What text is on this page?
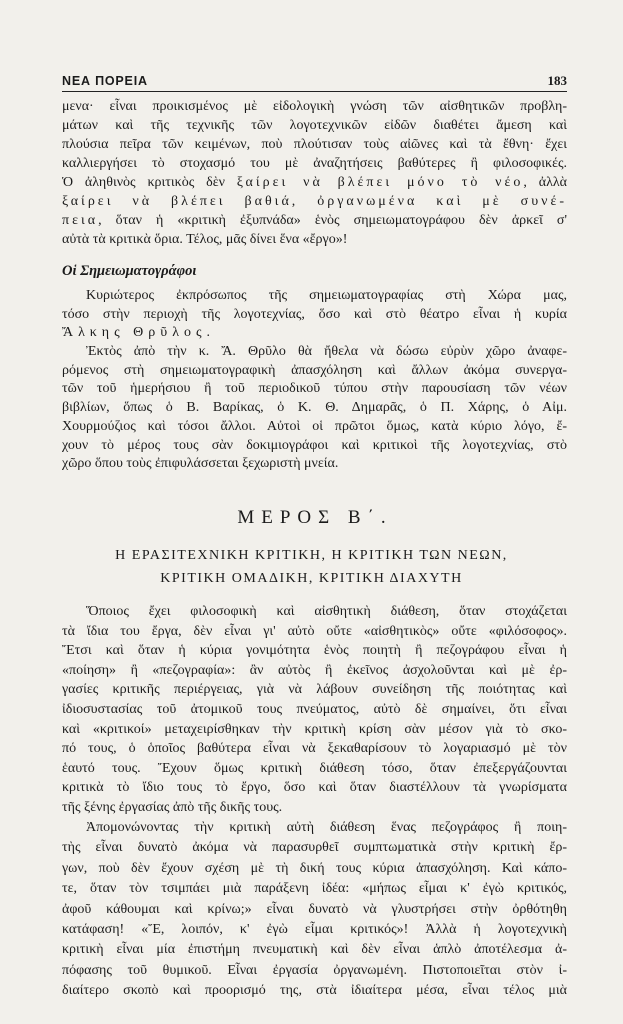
ΝΕΑ ΠΟΡΕΙΑ	183
μενα· εἶναι προικισμένος μὲ εἰδολογικὴ γνώση τῶν αἰσθητικῶν προβλη-
μάτων καὶ τῆς τεχνικῆς τῶν λογοτεχνικῶν εἰδῶν διαθέτει ἄμεση καὶ
πλούσια πεῖρα τῶν κειμένων, ποὺ πλούτισαν τοὺς αἰῶνες καὶ τὰ ἔθνη· ἔχει
καλλιεργήσει τὸ στοχασμό του μὲ ἀναζητήσεις βαθύτερες ἢ φιλοσοφικές.
Ὁ ἀληθινὸς κριτικὸς δὲν ξαίρει νὰ βλέπει μόνο τὸ νέο, ἀλλὰ
ξαίρει νὰ βλέπει βαθιά, ὀργανωμένα καὶ μὲ συνέ-
πεια, ὅταν ἡ «κριτικὴ ἐξυπνάδα» ἑνὸς σημειωματογράφου δὲν ἀρκεῖ σ'
αὐτὰ τὰ κριτικὰ ὅρια. Τέλος, μᾶς δίνει ἕνα «ἔργο»!
Οἱ Σημειωματογράφοι
Κυριώτερος ἐκπρόσωπος τῆς σημειωματογραφίας στὴ Χώρα μας,
τόσο στὴν περιοχὴ τῆς λογοτεχνίας, ὅσο καὶ στὸ θέατρο εἶναι ἡ κυρία
Ἄλκης Θρῦλος.
Ἐκτὸς ἀπὸ τὴν κ. Ἄ. Θρῦλο θὰ ἤθελα νὰ δώσω εὐρὺν χῶρο ἀναφε-
ρόμενος στὴ σημειωματογραφικὴ ἀπασχόληση καὶ ἄλλων ἀκόμα συνεργα-
τῶν τοῦ ἡμερήσιου ἢ τοῦ περιοδικοῦ τύπου στὴν παρουσίαση τῶν νέων
βιβλίων, ὅπως ὁ Β. Βαρίκας, ὁ Κ. Θ. Δημαρᾶς, ὁ Π. Χάρης, ὁ Αἰμ.
Χουρμούζιος καὶ τόσοι ἄλλοι. Αὐτοὶ οἱ πρῶτοι ὅμως, κατὰ κύριο λόγο, ἔ-
χουν τὸ μέρος τους σὰν δοκιμιογράφοι καὶ κριτικοὶ τῆς λογοτεχνίας, στὸ
χῶρο ὅπου τοὺς ἐπιφυλάσσεται ξεχωριστὴ μνεία.
ΜΕΡΟΣ Β΄.
Η ΕΡΑΣΙΤΕΧΝΙΚΗ ΚΡΙΤΙΚΗ, Η ΚΡΙΤΙΚΗ ΤΩΝ ΝΕΩΝ,
ΚΡΙΤΙΚΗ ΟΜΑΔΙΚΗ, ΚΡΙΤΙΚΗ ΔΙΑΧΥΤΗ
Ὅποιος ἔχει φιλοσοφικὴ καὶ αἰσθητικὴ διάθεση, ὅταν στοχάζεται
τὰ ἴδια του ἔργα, δὲν εἶναι γι' αὐτὸ οὔτε «αἰσθητικὸς» οὔτε «φιλόσοφος».
Ἔτσι καὶ ὅταν ἡ κύρια γονιμότητα ἑνὸς ποιητὴ ἢ πεζογράφου εἶναι ἡ
«ποίηση» ἢ «πεζογραφία»: ἂν αὐτὸς ἢ ἐκεῖνος ἀσχολοῦνται καὶ μὲ ἐρ-
γασίες κριτικῆς περιέργειας, γιὰ νὰ λάβουν συνείδηση τῆς ποιότητας καὶ
ἰδιοσυστασίας τοῦ ἀτομικοῦ τους πνεύματος, αὐτὸ δὲ σημαίνει, ὅτι εἶναι
καὶ «κριτικοί» μεταχειρίσθηκαν τὴν κριτικὴ κρίση σὰν μέσον γιὰ τὸ σκο-
πό τους, ὁ ὁποῖος βαθύτερα εἶναι νὰ ξεκαθαρίσουν τὸ λογαριασμό μὲ τὸν
ἑαυτό τους. Ἔχουν ὅμως κριτικὴ διάθεση τόσο, ὅταν ἐπεξεργάζουνται
κριτικὰ τὸ ἴδιο τους τὸ ἔργο, ὅσο καὶ ὅταν διαστέλλουν τὰ γνωρίσματα
τῆς ξένης ἐργασίας ἀπὸ τῆς δικῆς τους.
Ἀπομονώνοντας τὴν κριτικὴ αὐτὴ διάθεση ἕνας πεζογράφος ἢ ποιη-
τὴς εἶναι δυνατὸ ἀκόμα νὰ παρασυρθεῖ συμπτωματικὰ στὴν κριτικὴ ἔρ-
γων, ποὺ δὲν ἔχουν σχέση μὲ τὴ δική τους κύρια ἀπασχόληση. Καὶ κάπο-
τε, ὅταν τὸν τσιμπάει μιὰ παράξενη ἰδέα: «μήπως εἶμαι κ' ἐγὼ κριτικός,
ἀφοῦ κάθουμαι καὶ κρίνω;» εἶναι δυνατὸ νὰ γλυστρήσει στὴν ὀρθότηθη
κατάφαση! «Ἔ, λοιπόν, κ' ἐγὼ εἶμαι κριτικός»! Ἀλλὰ ἡ λογοτεχνικὴ
κριτικὴ εἶναι μία ἐπιστήμη πνευματικὴ καὶ δὲν εἶναι ἁπλὸ ἀποτέλεσμα ἀ-
πόφασης τοῦ θυμικοῦ. Εἶναι ἐργασία ὀργανωμένη. Πιστοποιεῖται στὸν ἰ-
διαίτερο σκοπὸ καὶ προορισμό της, στὰ ἰδιαίτερα μέσα, εἶναι τέλος μιὰ
